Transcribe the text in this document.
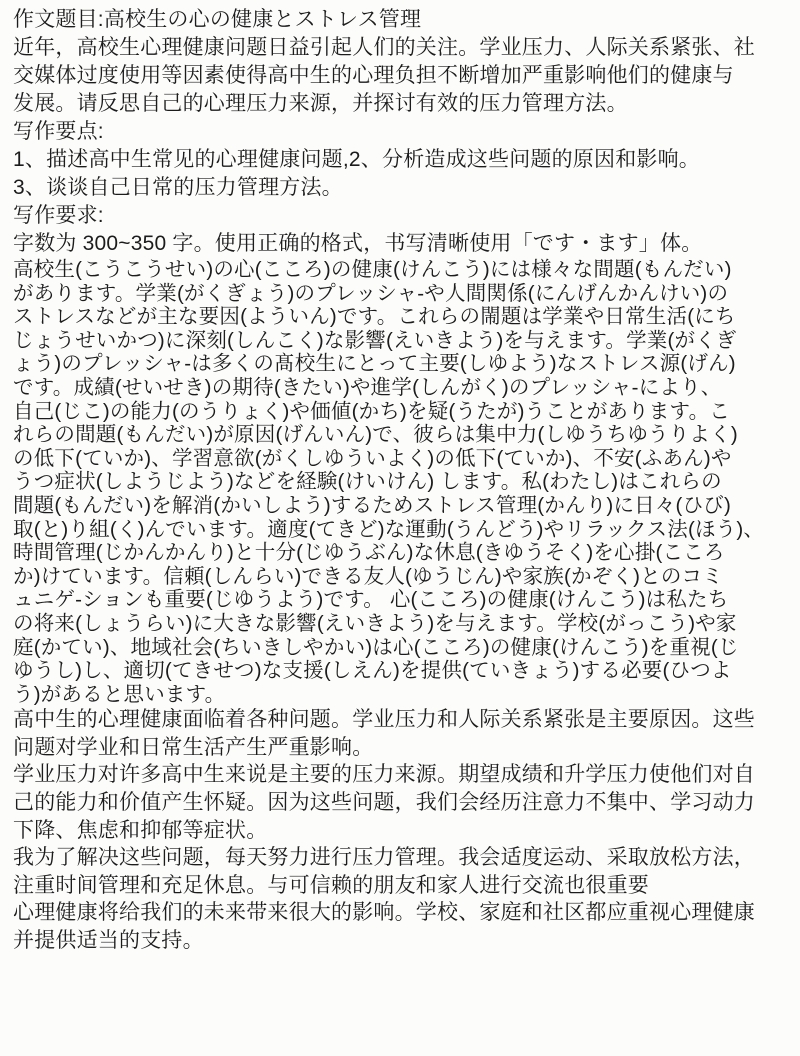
作文题目:高校生の心の健康とストレス管理
近年，高校生心理健康问题日益引起人们的关注。学业压力、人际关系紧张、社
交媒体过度使用等因素使得高中生的心理负担不断增加严重影响他们的健康与
发展。请反思自己的心理压力来源，并探讨有效的压力管理方法。
写作要点:
1、描述高中生常见的心理健康问题,2、分析造成这些问题的原因和影响。
3、谈谈自己日常的压力管理方法。
写作要求:
字数为 300~350 字。使用正确的格式，书写清晰使用「です・ます」体。
高校生(こうこうせい)の心(こころ)の健康(けんこう)には様々な間題(もんだい)
があります。学業(がくぎょう)のプレッシャ-や人間関係(にんげんかんけい)の
ストレスなどが主な要因(よういん)です。これらの閙題は学業や日常生活(にち
じょうせいかつ)に深刻(しんこく)な影響(えいきよう)を与えます。学業(がくぎ
ょう)のプレッシャ-は多くの髙校生にとって主要(しゆよう)なストレス源(げん)
です。成績(せいせき)の期待(きたい)や進学(しんがく)のプレッシャ-により、
自己(じこ)の能力(のうりょく)や価値(かち)を疑(うたが)うことがあります。こ
れらの間題(もんだい)が原因(げんいん)で、彼らは集中力(しゆうちゆうりよく)
の低下(ていか)、学習意欲(がくしゆういよく)の低下(ていか)、不安(ふあん)や
うつ症状(しようじよう)などを経験(けいけん) します。私(わたし)はこれらの
間題(もんだい)を解消(かいしよう)するためストレス管理(かんり)に日々(ひび)
取(と)り組(く)んでいます。適度(てきど)な運動(うんどう)やリラックス法(ほう)、
時間管理(じかんかんり)と十分(じゆうぶん)な休息(きゆうそく)を心掛(こころ
か)けています。信頼(しんらい)できる友人(ゆうじん)や家族(かぞく)とのコミ
ュニゲ-ションも重要(じゆうよう)です。 心(こころ)の健康(けんこう)は私たち
の将来(しょうらい)に大きな影響(えいきよう)を与えます。学校(がっこう)や家
庭(かてい)、地域社会(ちいきしやかい)は心(こころ)の健康(けんこう)を重視(じ
ゆうし)し、適切(てきせつ)な支援(しえん)を提供(ていきょう)する必要(ひつよ
う)があると思います。
高中生的心理健康面临着各种问题。学业压力和人际关系紧张是主要原因。这些
问题对学业和日常生活产生严重影响。
学业压力对许多高中生来说是主要的压力来源。期望成绩和升学压力使他们对自
己的能力和价值产生怀疑。因为这些问题，我们会经历注意力不集中、学习动力
下降、焦虑和抑郁等症状。
我为了解决这些问题，每天努力进行压力管理。我会适度运动、采取放松方法，
注重时间管理和充足休息。与可信赖的朋友和家人进行交流也很重要
心理健康将给我们的未来带来很大的影响。学校、家庭和社区都应重视心理健康
并提供适当的支持。
